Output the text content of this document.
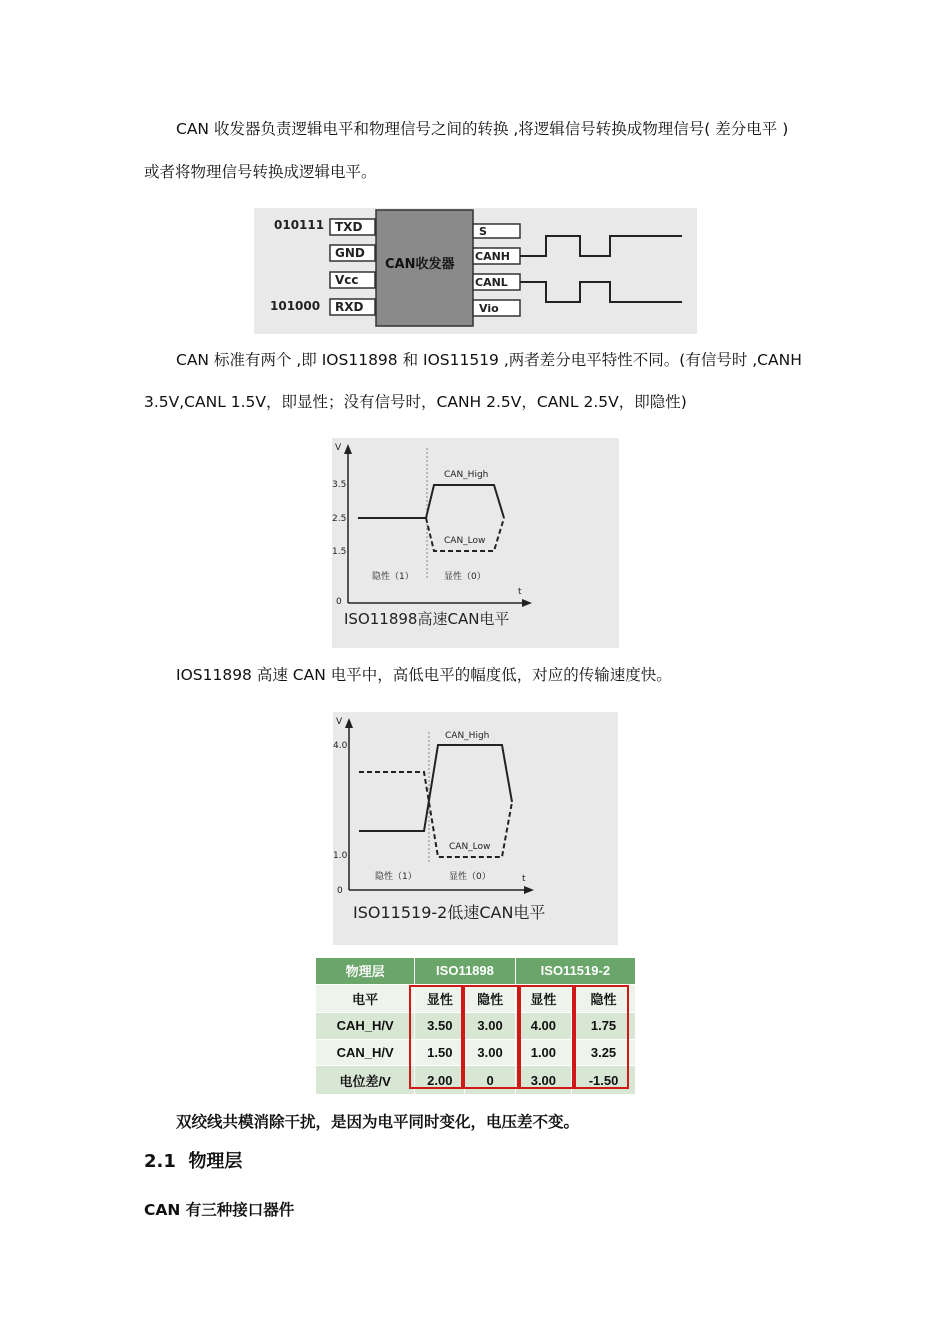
CAN 收发器负责逻辑电平和物理信号之间的转换 ,将逻辑信号转换成物理信号( 差分电平 )
或者将物理信号转换成逻辑电平。
010111
101000
TXD
GND
Vcc
RXD
CAN收发器
S
CANH
CANL
Vio
CAN 标准有两个 ,即 IOS11898 和 IOS11519 ,两者差分电平特性不同。(有信号时 ,CANH
3.5V,CANL 1.5V，即显性；没有信号时，CANH 2.5V，CANL 2.5V，即隐性)
V
t
3.5
2.5
1.5
0
CAN_High
CAN_Low
隐性（1）	显性（0）
ISO11898高速CAN电平
IOS11898 高速 CAN 电平中，高低电平的幅度低，对应的传输速度快。
V
t
4.0
1.0
0
CAN_High
CAN_Low
隐性（1）	显性（0）
ISO11519-2低速CAN电平
物理层	ISO11898		ISO11519-2	
电平	显性	隐性	显性	隐性
CAH_H/V	3.50	3.00	4.00	1.75
CAN_H/V	1.50	3.00	1.00	3.25
电位差/V	2.00	0	3.00	-1.50
双绞线共模消除干扰，是因为电平同时变化，电压差不变。
2.1 物理层
CAN 有三种接口器件
